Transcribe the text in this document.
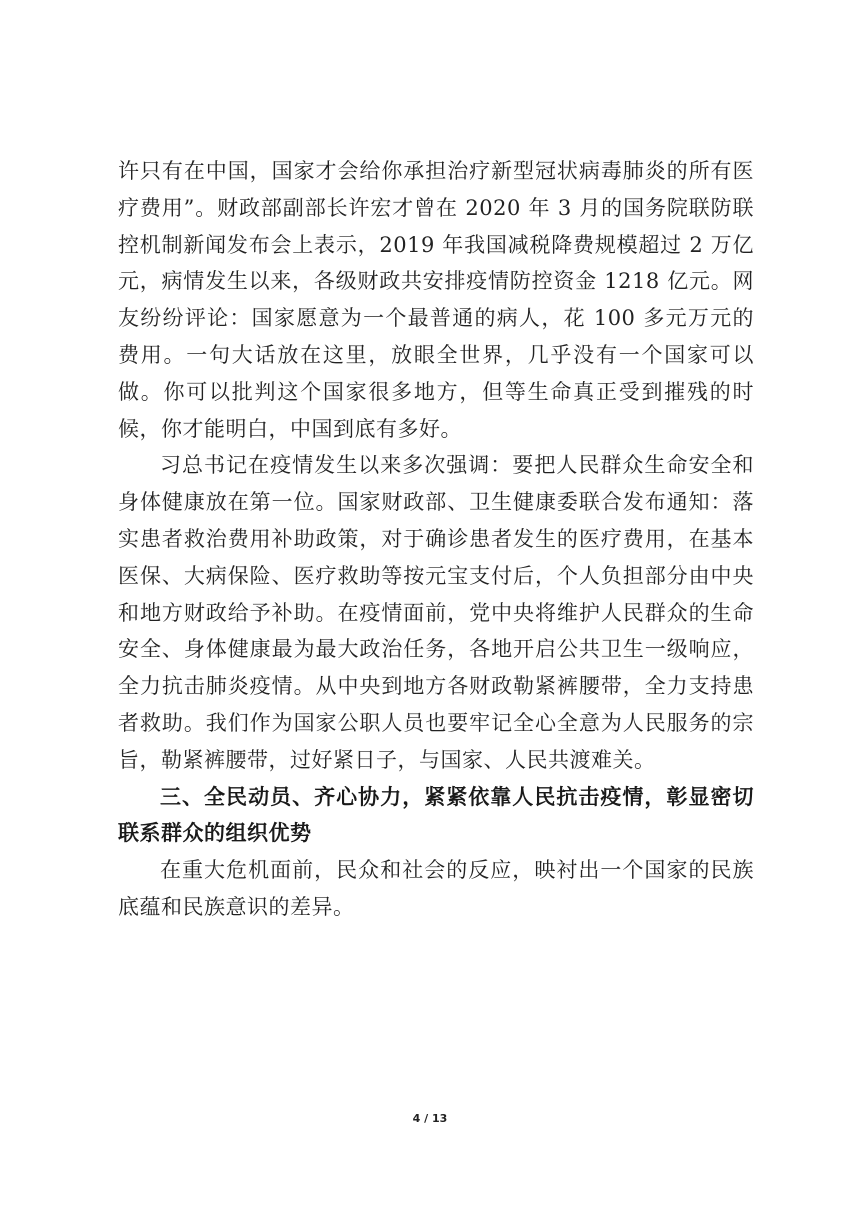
许只有在中国，国家才会给你承担治疗新型冠状病毒肺炎的所有医疗费用”。财政部副部长许宏才曾在 2020 年 3 月的国务院联防联控机制新闻发布会上表示，2019 年我国减税降费规模超过 2 万亿元，病情发生以来，各级财政共安排疫情防控资金 1218 亿元。网友纷纷评论：国家愿意为一个最普通的病人，花 100 多元万元的费用。一句大话放在这里，放眼全世界，几乎没有一个国家可以做。你可以批判这个国家很多地方，但等生命真正受到摧残的时候，你才能明白，中国到底有多好。

习总书记在疫情发生以来多次强调：要把人民群众生命安全和身体健康放在第一位。国家财政部、卫生健康委联合发布通知：落实患者救治费用补助政策，对于确诊患者发生的医疗费用，在基本医保、大病保险、医疗救助等按元宝支付后，个人负担部分由中央和地方财政给予补助。在疫情面前，党中央将维护人民群众的生命安全、身体健康最为最大政治任务，各地开启公共卫生一级响应，全力抗击肺炎疫情。从中央到地方各财政勒紧裤腰带，全力支持患者救助。我们作为国家公职人员也要牢记全心全意为人民服务的宗旨，勒紧裤腰带，过好紧日子，与国家、人民共渡难关。

三、全民动员、齐心协力，紧紧依靠人民抗击疫情，彰显密切联系群众的组织优势

在重大危机面前，民众和社会的反应，映衬出一个国家的民族底蕴和民族意识的差异。

4 / 13
